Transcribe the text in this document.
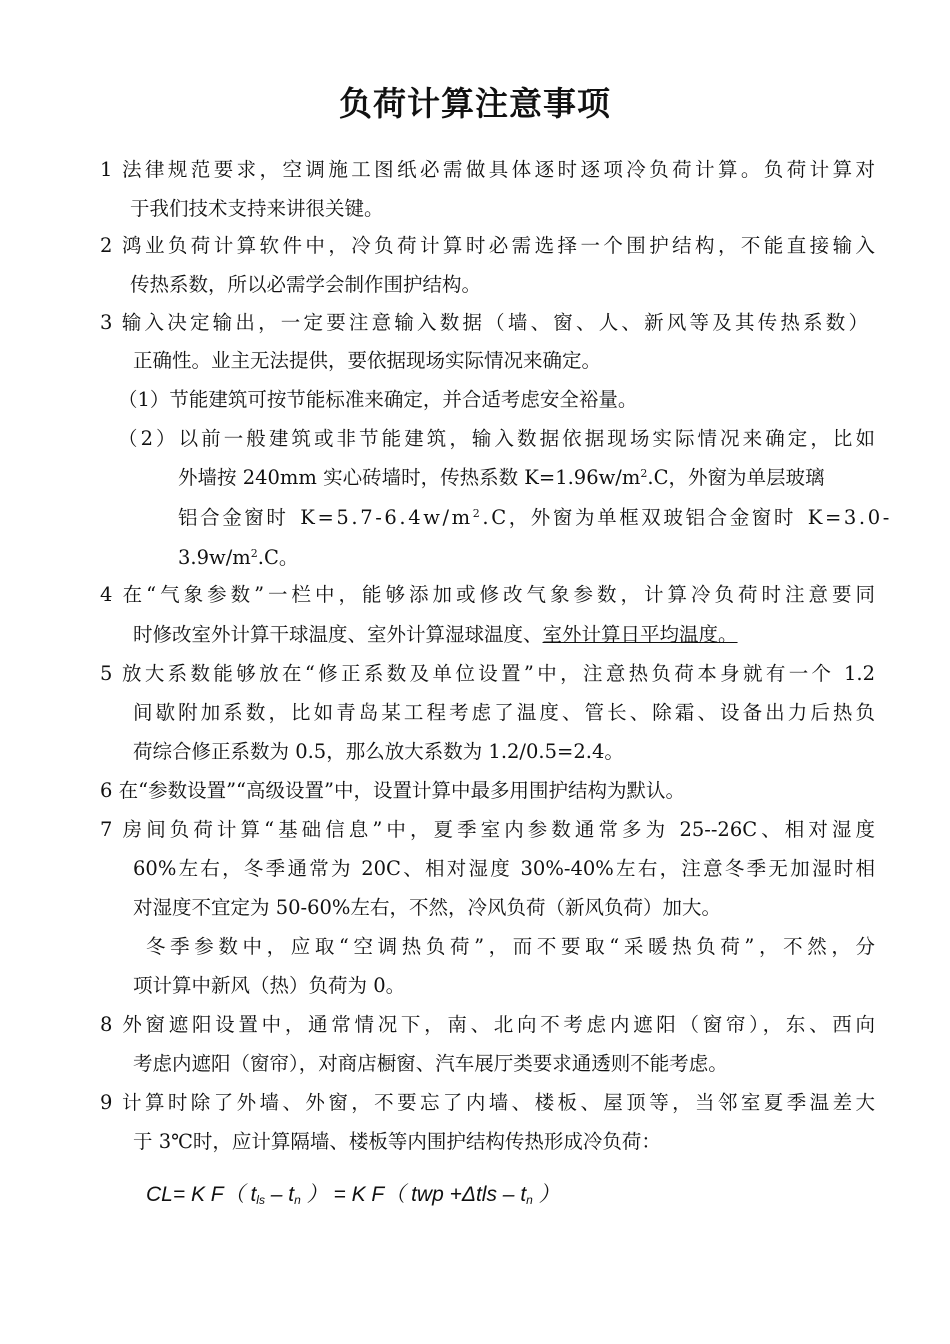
负荷计算注意事项
1 法律规范要求，空调施工图纸必需做具体逐时逐项冷负荷计算。负荷计算对
于我们技术支持来讲很关键。
2 鸿业负荷计算软件中，冷负荷计算时必需选择一个围护结构，不能直接输入
传热系数，所以必需学会制作围护结构。
3 输入决定输出，一定要注意输入数据（墙、窗、人、新风等及其传热系数）
正确性。业主无法提供，要依据现场实际情况来确定。
（1）节能建筑可按节能标准来确定，并合适考虑安全裕量。
（2）以前一般建筑或非节能建筑，输入数据依据现场实际情况来确定，比如
外墙按 240mm 实心砖墙时，传热系数 $K=1.96w/m^2.C$，外窗为单层玻璃
铝合金窗时 $K=5.7-6.4w/m^2.C$，外窗为单框双玻铝合金窗时 K=3.0-
$3.9w/m^2.C$。
4 在“气象参数”一栏中，能够添加或修改气象参数，计算冷负荷时注意要同
时修改室外计算干球温度、室外计算湿球温度、室外计算日平均温度。
5 放大系数能够放在“修正系数及单位设置”中，注意热负荷本身就有一个 1.2
间歇附加系数，比如青岛某工程考虑了温度、管长、除霜、设备出力后热负
荷综合修正系数为 0.5，那么放大系数为 1.2/0.5=2.4。
6 在“参数设置”“高级设置”中，设置计算中最多用围护结构为默认。
7 房间负荷计算“基础信息”中，夏季室内参数通常多为 25--26C、相对湿度
60%左右，冬季通常为 20C、相对湿度 30%-40%左右，注意冬季无加湿时相
对湿度不宜定为 50-60%左右，不然，冷风负荷（新风负荷）加大。
冬季参数中，应取“空调热负荷”，而不要取“采暖热负荷”，不然，分
项计算中新风（热）负荷为 0。
8 外窗遮阳设置中，通常情况下，南、北向不考虑内遮阳（窗帘），东、西向
考虑内遮阳（窗帘），对商店橱窗、汽车展厅类要求通透则不能考虑。
9 计算时除了外墙、外窗，不要忘了内墙、楼板、屋顶等，当邻室夏季温差大
于 3℃时，应计算隔墙、楼板等内围护结构传热形成冷负荷：
CL= K F（ $t_{ls} - t_n$ ） = K F（ twp $+\Delta tls - t_n$ ）
